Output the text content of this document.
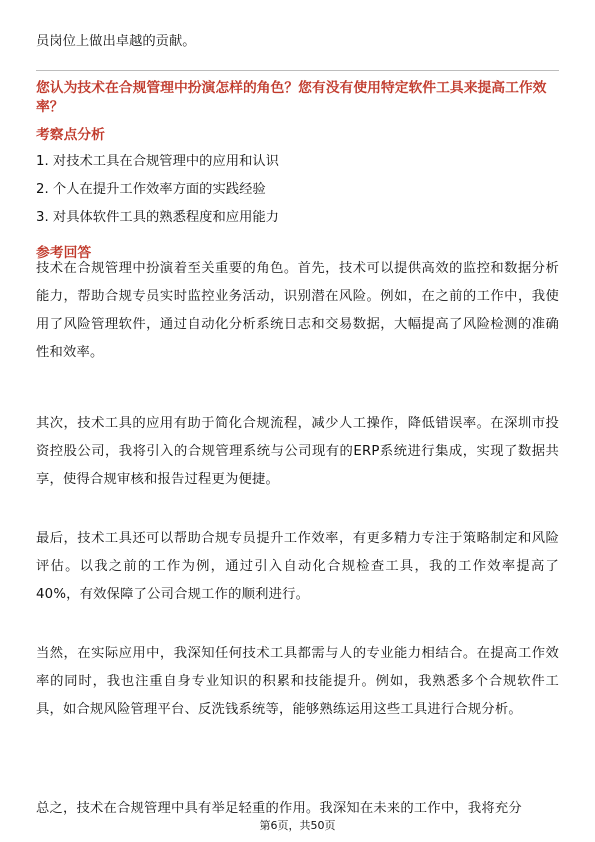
员岗位上做出卓越的贡献。
您认为技术在合规管理中扮演怎样的角色？您有没有使用特定软件工具来提高工作效率？
考察点分析
1. 对技术工具在合规管理中的应用和认识
2. 个人在提升工作效率方面的实践经验
3. 对具体软件工具的熟悉程度和应用能力
参考回答

技术在合规管理中扮演着至关重要的角色。首先，技术可以提供高效的监控和数据分析能力，帮助合规专员实时监控业务活动，识别潜在风险。例如，在之前的工作中，我使用了风险管理软件，通过自动化分析系统日志和交易数据，大幅提高了风险检测的准确性和效率。

其次，技术工具的应用有助于简化合规流程，减少人工操作，降低错误率。在深圳市投资控股公司，我将引入的合规管理系统与公司现有的ERP系统进行集成，实现了数据共享，使得合规审核和报告过程更为便捷。

最后，技术工具还可以帮助合规专员提升工作效率，有更多精力专注于策略制定和风险评估。以我之前的工作为例，通过引入自动化合规检查工具，我的工作效率提高了40%，有效保障了公司合规工作的顺利进行。

当然，在实际应用中，我深知任何技术工具都需与人的专业能力相结合。在提高工作效率的同时，我也注重自身专业知识的积累和技能提升。例如，我熟悉多个合规软件工具，如合规风险管理平台、反洗钱系统等，能够熟练运用这些工具进行合规分析。

总之，技术在合规管理中具有举足轻重的作用。我深知在未来的工作中，我将充分

第6页，共50页
